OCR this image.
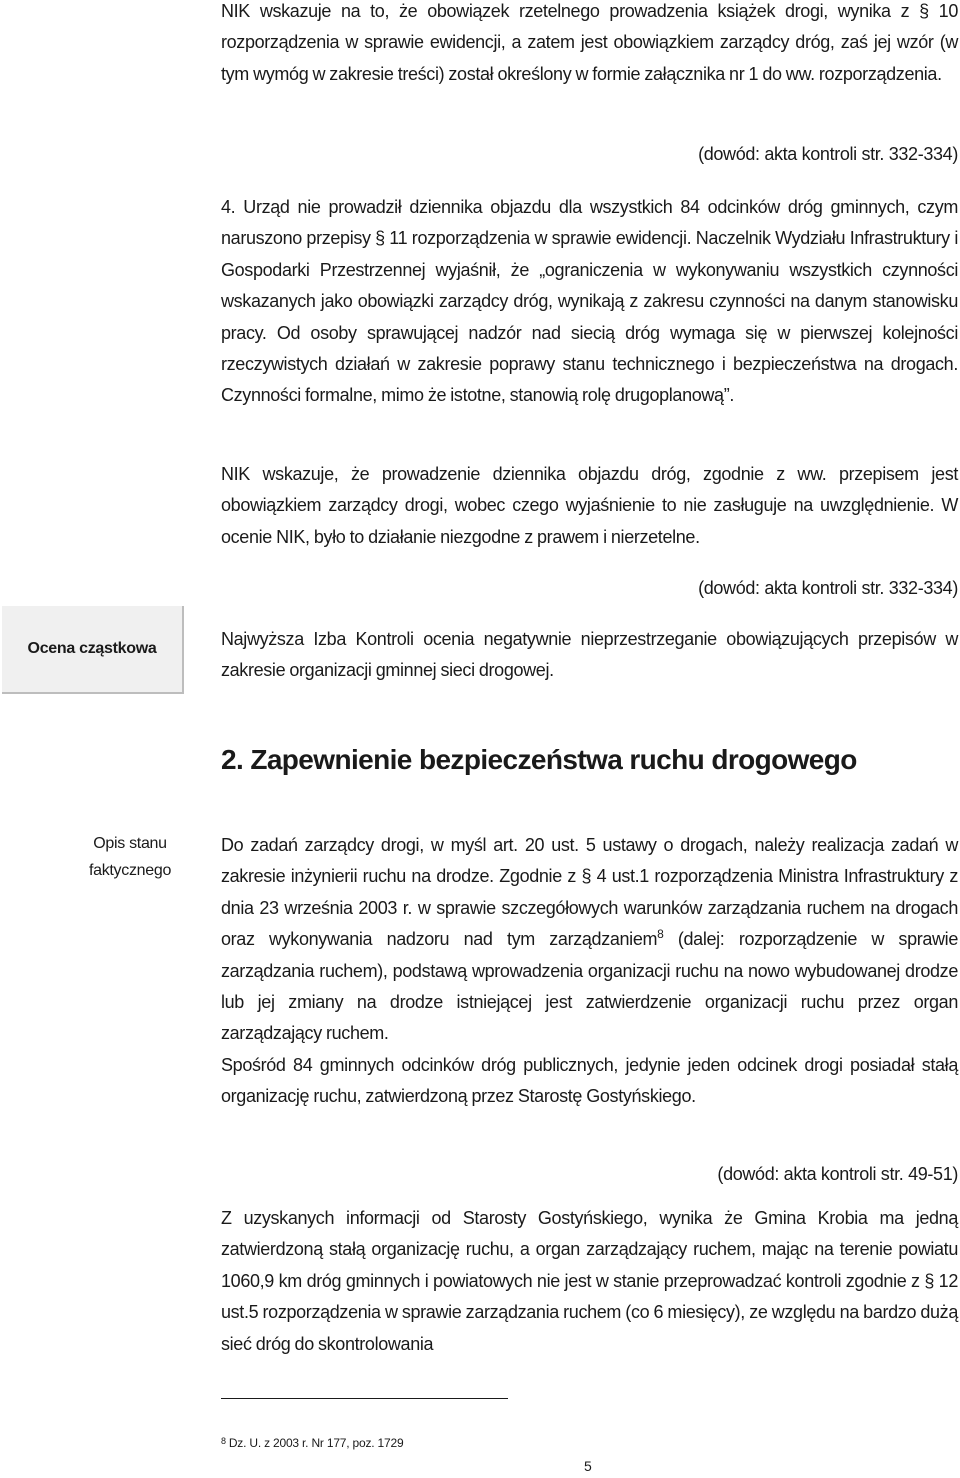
NIK wskazuje na to, że obowiązek rzetelnego prowadzenia książek drogi, wynika z § 10 rozporządzenia w sprawie ewidencji, a zatem jest obowiązkiem zarządcy dróg, zaś jej wzór (w tym wymóg w zakresie treści) został określony w formie załącznika nr 1 do ww. rozporządzenia.

(dowód: akta kontroli str. 332-334)

4. Urząd nie prowadził dziennika objazdu dla wszystkich 84 odcinków dróg gminnych, czym naruszono przepisy § 11 rozporządzenia w sprawie ewidencji. Naczelnik Wydziału Infrastruktury i Gospodarki Przestrzennej wyjaśnił, że „ograniczenia w wykonywaniu wszystkich czynności wskazanych jako obowiązki zarządcy dróg, wynikają z zakresu czynności na danym stanowisku pracy. Od osoby sprawującej nadzór nad siecią dróg wymaga się w pierwszej kolejności rzeczywistych działań w zakresie poprawy stanu technicznego i bezpieczeństwa na drogach. Czynności formalne, mimo że istotne, stanowią rolę drugoplanową”.

NIK wskazuje, że prowadzenie dziennika objazdu dróg, zgodnie z ww. przepisem jest obowiązkiem zarządcy drogi, wobec czego wyjaśnienie to nie zasługuje na uwzględnienie. W ocenie NIK, było to działanie niezgodne z prawem i nierzetelne.

(dowód: akta kontroli str. 332-334)
Ocena cząstkowa	Najwyższa Izba Kontroli ocenia negatywnie nieprzestrzeganie obowiązujących przepisów w zakresie organizacji gminnej sieci drogowej.

2. Zapewnienie bezpieczeństwa ruchu drogowego
Opis stanu faktycznego

Do zadań zarządcy drogi, w myśl art. 20 ust. 5 ustawy o drogach, należy realizacja zadań w zakresie inżynierii ruchu na drodze. Zgodnie z § 4 ust.1 rozporządzenia Ministra Infrastruktury z dnia 23 września 2003 r. w sprawie szczegółowych warunków zarządzania ruchem na drogach oraz wykonywania nadzoru nad tym zarządzaniem$^8$ (dalej: rozporządzenie w sprawie zarządzania ruchem), podstawą wprowadzenia organizacji ruchu na nowo wybudowanej drodze lub jej zmiany na drodze istniejącej jest zatwierdzenie organizacji ruchu przez organ zarządzający ruchem.

Spośród 84 gminnych odcinków dróg publicznych, jedynie jeden odcinek drogi posiadał stałą organizację ruchu, zatwierdzoną przez Starostę Gostyńskiego.

(dowód: akta kontroli str. 49-51)

Z uzyskanych informacji od Starosty Gostyńskiego, wynika że Gmina Krobia ma jedną zatwierdzoną stałą organizację ruchu, a organ zarządzający ruchem, mając na terenie powiatu 1060,9 km dróg gminnych i powiatowych nie jest w stanie przeprowadzać kontroli zgodnie z § 12 ust.5 rozporządzenia w sprawie zarządzania ruchem (co 6 miesięcy), ze względu na bardzo dużą sieć dróg do skontrolowania

$^8$ Dz. U. z 2003 r. Nr 177, poz. 1729
5
